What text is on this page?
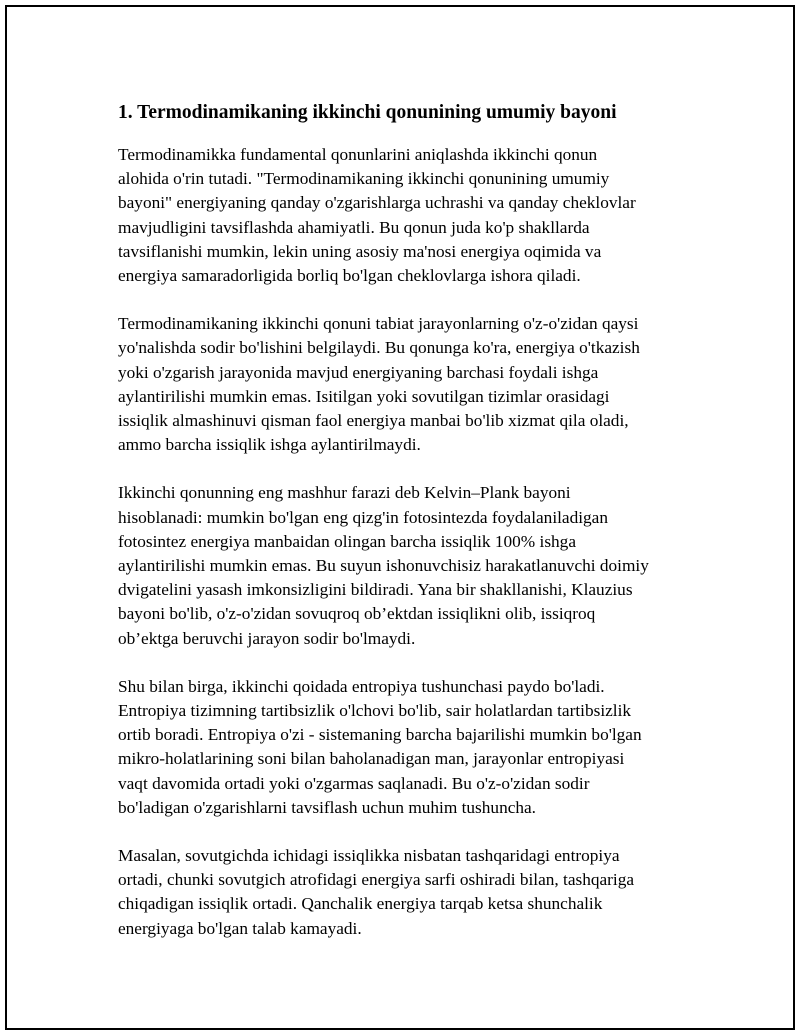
1. Termodinamikaning ikkinchi qonunining umumiy bayoni
Termodinamikka fundamental qonunlarini aniqlashda ikkinchi qonun
alohida o'rin tutadi. "Termodinamikaning ikkinchi qonunining umumiy
bayoni" energiyaning qanday o'zgarishlarga uchrashi va qanday cheklovlar
mavjudligini tavsiflashda ahamiyatli. Bu qonun juda ko'p shakllarda
tavsiflanishi mumkin, lekin uning asosiy ma'nosi energiya oqimida va
energiya samaradorligida borliq bo'lgan cheklovlarga ishora qiladi.
Termodinamikaning ikkinchi qonuni tabiat jarayonlarning o'z-o'zidan qaysi
yo'nalishda sodir bo'lishini belgilaydi. Bu qonunga ko'ra, energiya o'tkazish
yoki o'zgarish jarayonida mavjud energiyaning barchasi foydali ishga
aylantirilishi mumkin emas. Isitilgan yoki sovutilgan tizimlar orasidagi
issiqlik almashinuvi qisman faol energiya manbai bo'lib xizmat qila oladi,
ammo barcha issiqlik ishga aylantirilmaydi.
Ikkinchi qonunning eng mashhur farazi deb Kelvin–Plank bayoni
hisoblanadi: mumkin bo'lgan eng qizg'in fotosintezda foydalaniladigan
fotosintez energiya manbaidan olingan barcha issiqlik 100% ishga
aylantirilishi mumkin emas. Bu suyun ishonuvchisiz harakatlanuvchi doimiy
dvigatelini yasash imkonsizligini bildiradi. Yana bir shakllanishi, Klauzius
bayoni bo'lib, o'z-o'zidan sovuqroq ob’ektdan issiqlikni olib, issiqroq
ob’ektga beruvchi jarayon sodir bo'lmaydi.
Shu bilan birga, ikkinchi qoidada entropiya tushunchasi paydo bo'ladi.
Entropiya tizimning tartibsizlik o'lchovi bo'lib, sair holatlardan tartibsizlik
ortib boradi. Entropiya o'zi - sistemaning barcha bajarilishi mumkin bo'lgan
mikro-holatlarining soni bilan baholanadigan man, jarayonlar entropiyasi
vaqt davomida ortadi yoki o'zgarmas saqlanadi. Bu o'z-o'zidan sodir
bo'ladigan o'zgarishlarni tavsiflash uchun muhim tushuncha.
Masalan, sovutgichda ichidagi issiqlikka nisbatan tashqaridagi entropiya
ortadi, chunki sovutgich atrofidagi energiya sarfi oshiradi bilan, tashqariga
chiqadigan issiqlik ortadi. Qanchalik energiya tarqab ketsa shunchalik
energiyaga bo'lgan talab kamayadi.
